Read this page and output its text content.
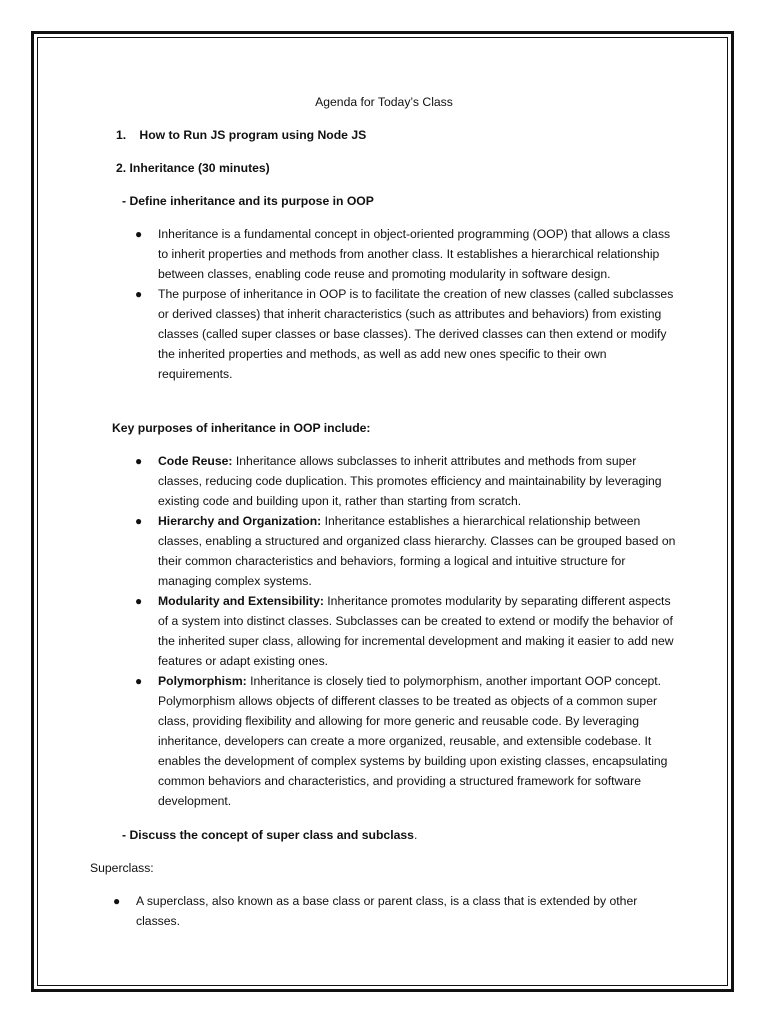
Agenda for Today’s Class
1. How to Run JS program using Node JS
2. Inheritance (30 minutes)
- Define inheritance and its purpose in OOP
● Inheritance is a fundamental concept in object-oriented programming (OOP) that allows a class to inherit properties and methods from another class. It establishes a hierarchical relationship between classes, enabling code reuse and promoting modularity in software design.
● The purpose of inheritance in OOP is to facilitate the creation of new classes (called subclasses or derived classes) that inherit characteristics (such as attributes and behaviors) from existing classes (called super classes or base classes). The derived classes can then extend or modify the inherited properties and methods, as well as add new ones specific to their own requirements.
Key purposes of inheritance in OOP include:
● Code Reuse: Inheritance allows subclasses to inherit attributes and methods from super classes, reducing code duplication. This promotes efficiency and maintainability by leveraging existing code and building upon it, rather than starting from scratch.
● Hierarchy and Organization: Inheritance establishes a hierarchical relationship between classes, enabling a structured and organized class hierarchy. Classes can be grouped based on their common characteristics and behaviors, forming a logical and intuitive structure for managing complex systems.
● Modularity and Extensibility: Inheritance promotes modularity by separating different aspects of a system into distinct classes. Subclasses can be created to extend or modify the behavior of the inherited super class, allowing for incremental development and making it easier to add new features or adapt existing ones.
● Polymorphism: Inheritance is closely tied to polymorphism, another important OOP concept. Polymorphism allows objects of different classes to be treated as objects of a common super class, providing flexibility and allowing for more generic and reusable code. By leveraging inheritance, developers can create a more organized, reusable, and extensible codebase. It enables the development of complex systems by building upon existing classes, encapsulating common behaviors and characteristics, and providing a structured framework for software development.
- Discuss the concept of super class and subclass.
Superclass:
● A superclass, also known as a base class or parent class, is a class that is extended by other classes.
